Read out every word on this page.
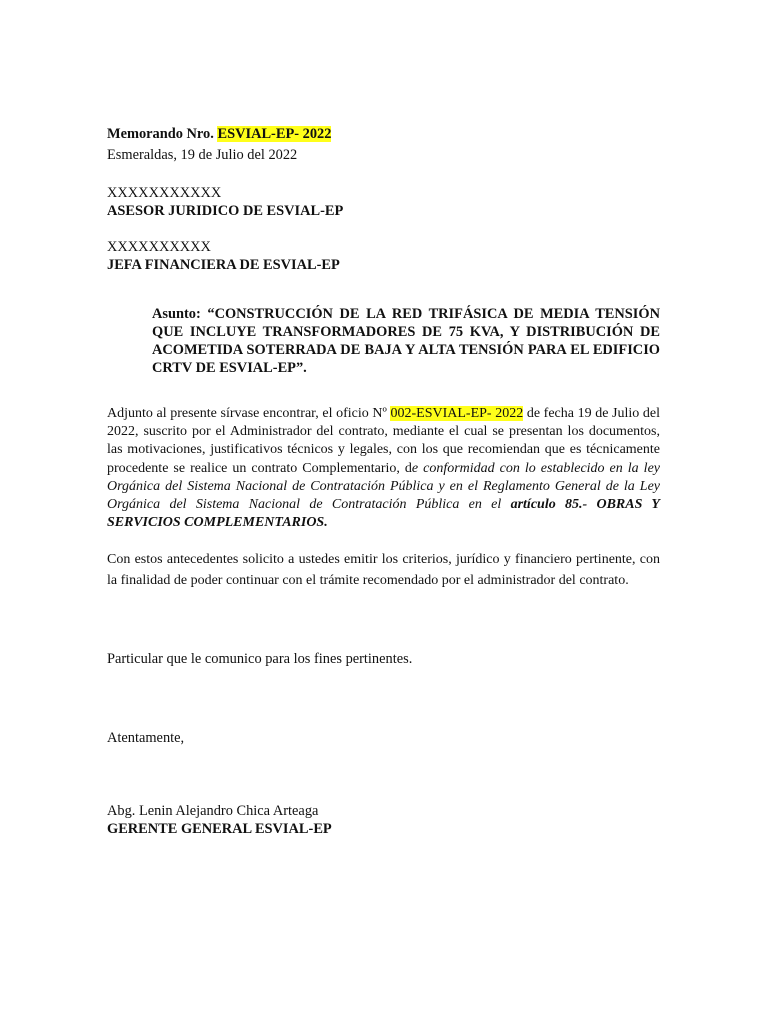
Memorando Nro. ESVIAL-EP- 2022
Esmeraldas, 19 de Julio del 2022
XXXXXXXXXXX
ASESOR JURIDICO DE ESVIAL-EP
XXXXXXXXXX
JEFA FINANCIERA DE ESVIAL-EP
Asunto: “CONSTRUCCIÓN DE LA RED TRIFÁSICA DE MEDIA TENSIÓN QUE INCLUYE TRANSFORMADORES DE 75 KVA, Y DISTRIBUCIÓN DE ACOMETIDA SOTERRADA DE BAJA Y ALTA TENSIÓN PARA EL EDIFICIO CRTV DE ESVIAL-EP”.
Adjunto al presente sírvase encontrar, el oficio Nº 002-ESVIAL-EP- 2022 de fecha 19 de Julio del 2022, suscrito por el Administrador del contrato, mediante el cual se presentan los documentos, las motivaciones, justificativos técnicos y legales, con los que recomiendan que es técnicamente procedente se realice un contrato Complementario, de conformidad con lo establecido en la ley Orgánica del Sistema Nacional de Contratación Pública y en el Reglamento General de la Ley Orgánica del Sistema Nacional de Contratación Pública en el artículo 85.- OBRAS Y SERVICIOS COMPLEMENTARIOS.
Con estos antecedentes solicito a ustedes emitir los criterios, jurídico y financiero pertinente, con la finalidad de poder continuar con el trámite recomendado por el administrador del contrato.
Particular que le comunico para los fines pertinentes.
Atentamente,
Abg. Lenin Alejandro Chica Arteaga
GERENTE GENERAL ESVIAL-EP
